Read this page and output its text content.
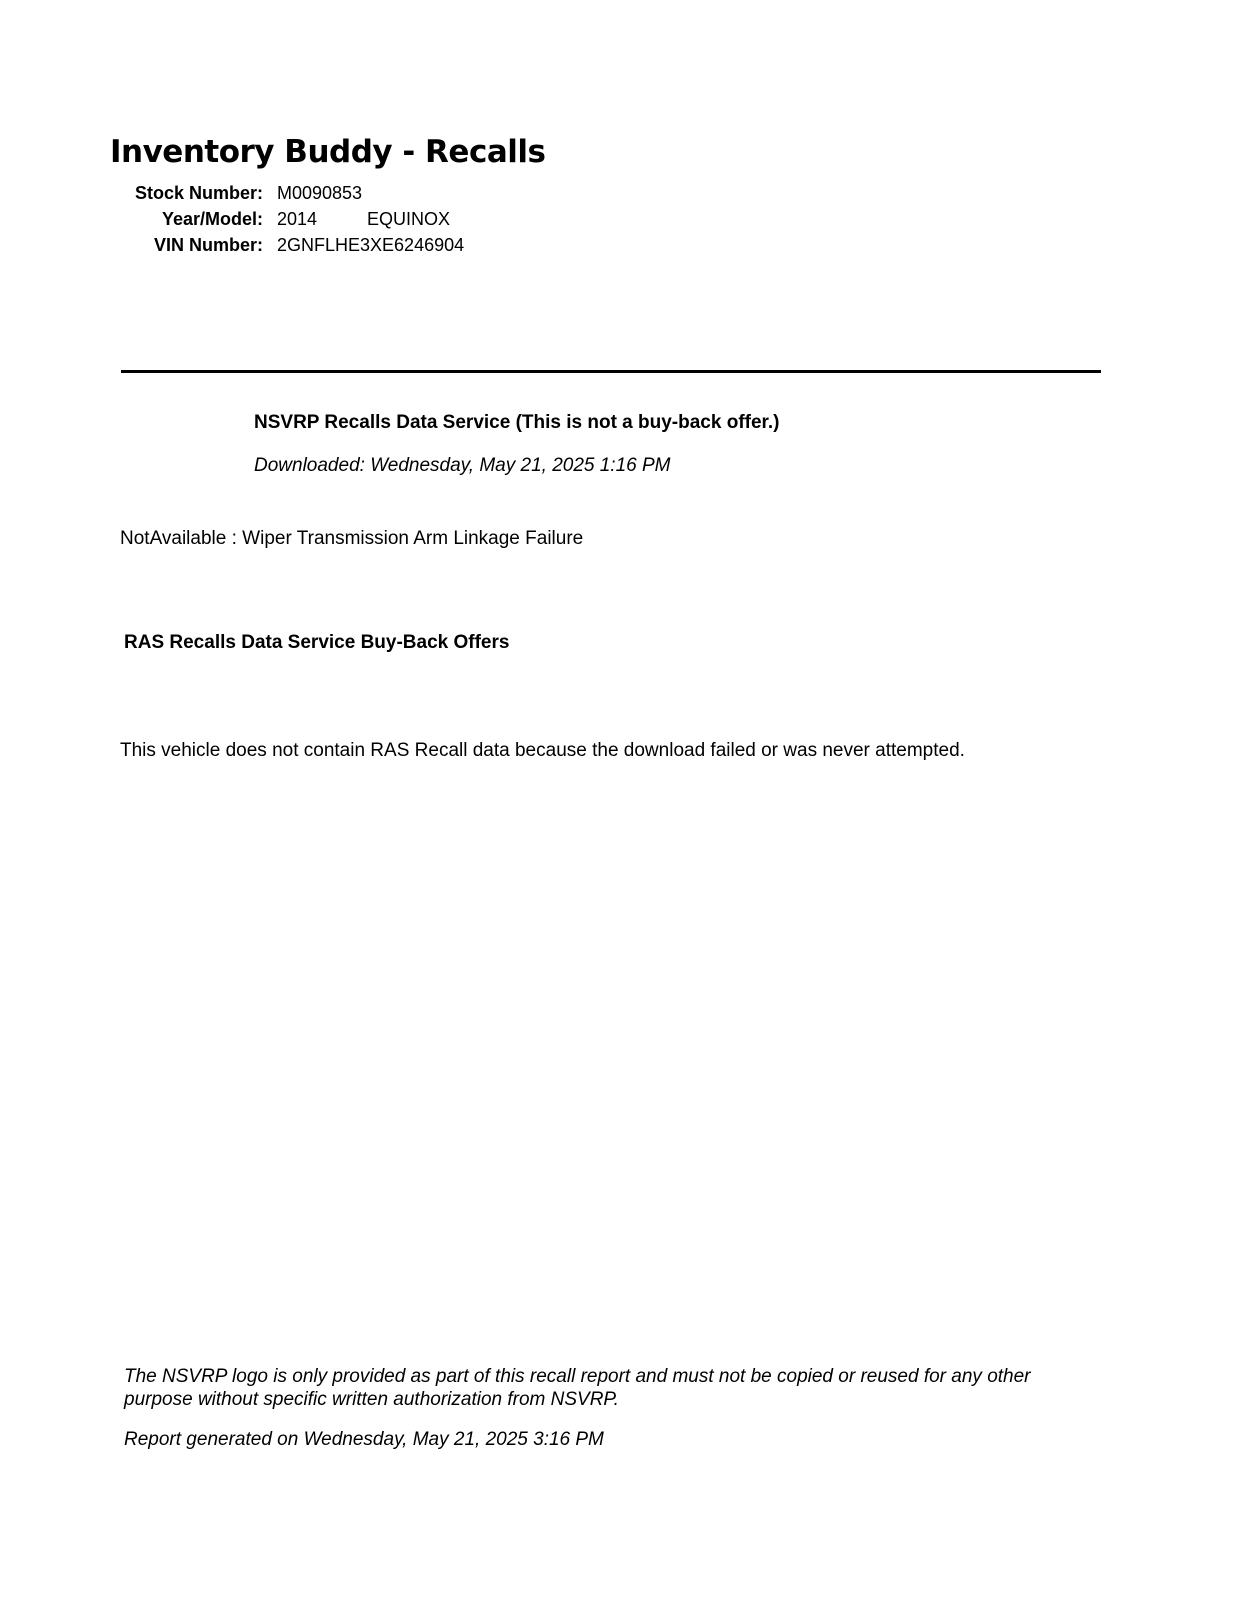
Inventory Buddy - Recalls
Stock Number: M0090853
Year/Model: 2014	EQUINOX
VIN Number: 2GNFLHE3XE6246904
NSVRP Recalls Data Service (This is not a buy-back offer.)
Downloaded: Wednesday, May 21, 2025 1:16 PM
NotAvailable : Wiper Transmission Arm Linkage Failure
RAS Recalls Data Service Buy-Back Offers
This vehicle does not contain RAS Recall data because the download failed or was never attempted.

The NSVRP logo is only provided as part of this recall report and must not be copied or reused for any other purpose without specific written authorization from NSVRP.

Report generated on Wednesday, May 21, 2025 3:16 PM
